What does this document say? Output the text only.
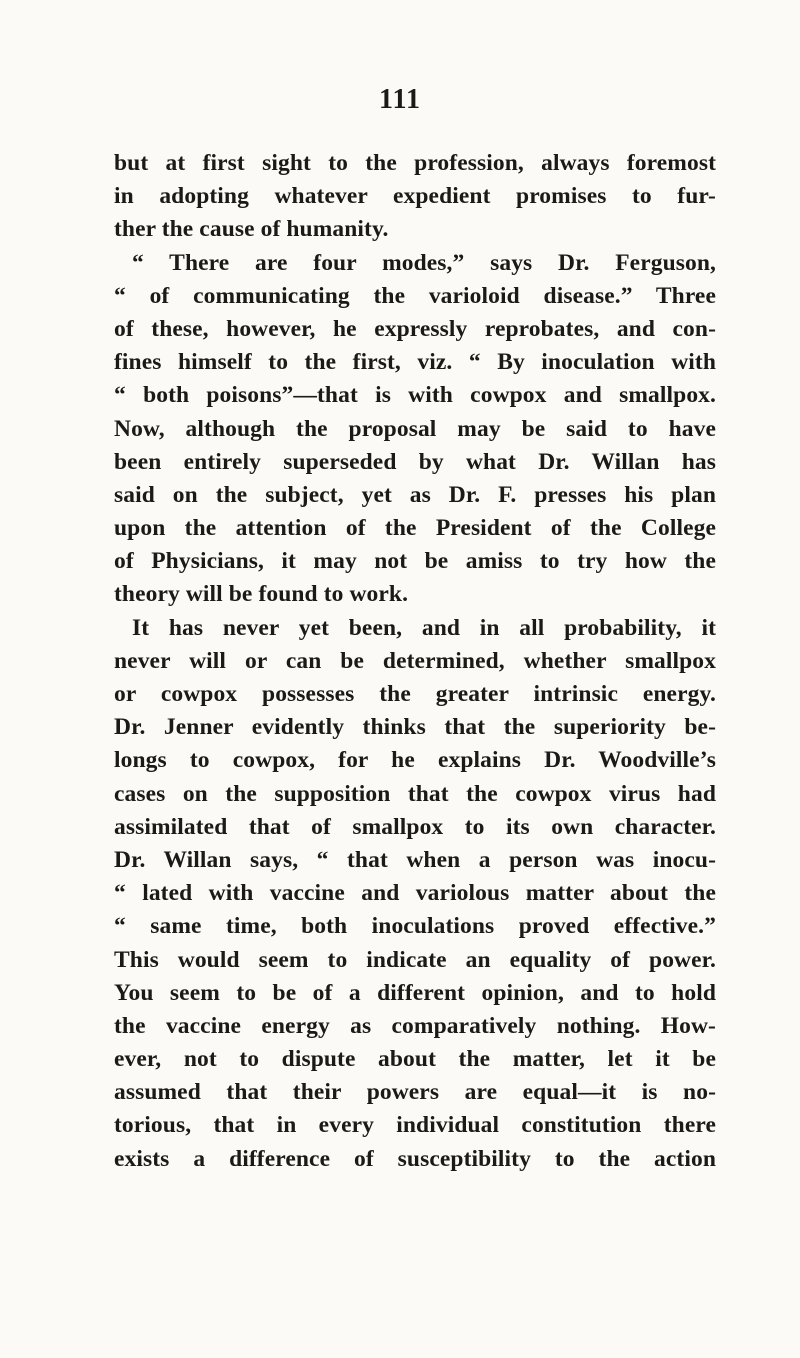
111
but at first sight to the profession, always foremost
in adopting whatever expedient promises to fur-
ther the cause of humanity.
“ There are four modes,” says Dr. Ferguson,
“ of communicating the varioloid disease.” Three
of these, however, he expressly reprobates, and con-
fines himself to the first, viz. “ By inoculation with
“ both poisons”—that is with cowpox and smallpox.
Now, although the proposal may be said to have
been entirely superseded by what Dr. Willan has
said on the subject, yet as Dr. F. presses his plan
upon the attention of the President of the College
of Physicians, it may not be amiss to try how the
theory will be found to work.
It has never yet been, and in all probability, it
never will or can be determined, whether smallpox
or cowpox possesses the greater intrinsic energy.
Dr. Jenner evidently thinks that the superiority be-
longs to cowpox, for he explains Dr. Woodville’s
cases on the supposition that the cowpox virus had
assimilated that of smallpox to its own character.
Dr. Willan says, “ that when a person was inocu-
“ lated with vaccine and variolous matter about the
“ same time, both inoculations proved effective.”
This would seem to indicate an equality of power.
You seem to be of a different opinion, and to hold
the vaccine energy as comparatively nothing. How-
ever, not to dispute about the matter, let it be
assumed that their powers are equal—it is no-
torious, that in every individual constitution there
exists a difference of susceptibility to the action
